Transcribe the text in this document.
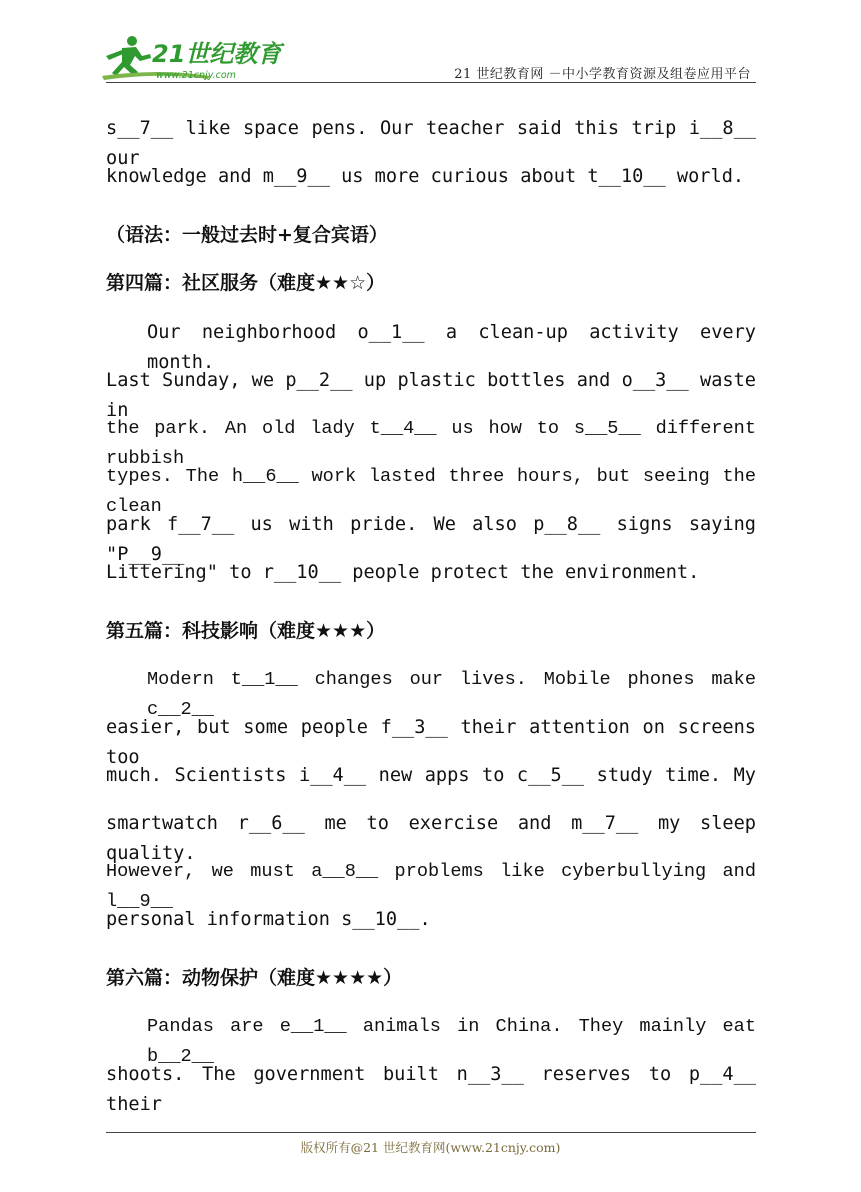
21世纪教育
www.21cnjy.com	21 世纪教育网 －中小学教育资源及组卷应用平台
s__7__ like space pens. Our teacher said this trip i__8__ our
knowledge and m__9__ us more curious about t__10__ world.
（语法：一般过去时+复合宾语）
第四篇：社区服务（难度★★☆）
Our neighborhood o__1__ a clean-up activity every month.
Last Sunday, we p__2__ up plastic bottles and o__3__ waste in
the park. An old lady t__4__ us how to s__5__ different rubbish
types. The h__6__ work lasted three hours, but seeing the clean
park f__7__ us with pride. We also p__8__ signs saying "P__9__
Littering" to r__10__ people protect the environment.
第五篇：科技影响（难度★★★）
Modern t__1__ changes our lives. Mobile phones make c__2__
easier, but some people f__3__ their attention on screens too
much. Scientists i__4__ new apps to c__5__ study time. My
smartwatch r__6__ me to exercise and m__7__ my sleep quality.
However, we must a__8__ problems like cyberbullying and l__9__
personal information s__10__.
第六篇：动物保护（难度★★★★）
Pandas are e__1__ animals in China. They mainly eat b__2__
shoots. The government built n__3__ reserves to p__4__ their
版权所有@21 世纪教育网(www.21cnjy.com)
